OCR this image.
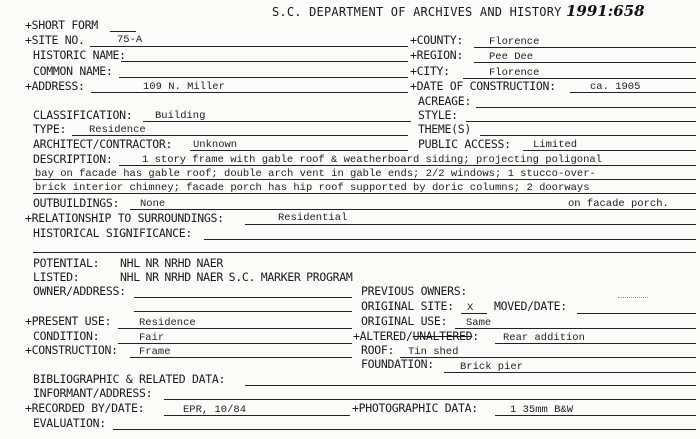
S.C. DEPARTMENT OF ARCHIVES AND HISTORY 1991:658
+SHORT FORM
+SITE NO.	75-A	+COUNTY: Florence
HISTORIC NAME:	+REGION: Pee Dee
COMMON NAME:	+CITY:	Florence
+ADDRESS:	109 N. Miller	+DATE OF CONSTRUCTION:	ca. 1905
ACREAGE:
CLASSIFICATION: Building	STYLE:
TYPE: Residence	THEME(S)
ARCHITECT/CONTRACTOR: Unknown	PUBLIC ACCESS: Limited
DESCRIPTION:	1 story frame with gable roof & weatherboard siding; projecting poligonal
bay on facade has gable roof; double arch vent in gable ends; 2/2 windows; 1 stucco-over-
brick interior chimney; facade porch has hip roof supported by doric columns; 2 doorways
OUTBUILDINGS: None	on facade porch.
+RELATIONSHIP TO SURROUNDINGS:	Residential
HISTORICAL SIGNIFICANCE:
POTENTIAL: NHL NR NRHD NAER
LISTED:	NHL NR NRHD NAER S.C. MARKER PROGRAM
OWNER/ADDRESS:	PREVIOUS OWNERS:
ORIGINAL SITE: X MOVED/DATE:
+PRESENT USE:	Residence	ORIGINAL USE: Same
CONDITION:	Fair	+ALTERED/UNALTERED: Rear addition
+CONSTRUCTION: Frame	ROOF: Tin shed
FOUNDATION: Brick pier
BIBLIOGRAPHIC & RELATED DATA:
INFORMANT/ADDRESS:
+RECORDED BY/DATE:	EPR, 10/84	+PHOTOGRAPHIC DATA:	1 35mm B&W
EVALUATION:
